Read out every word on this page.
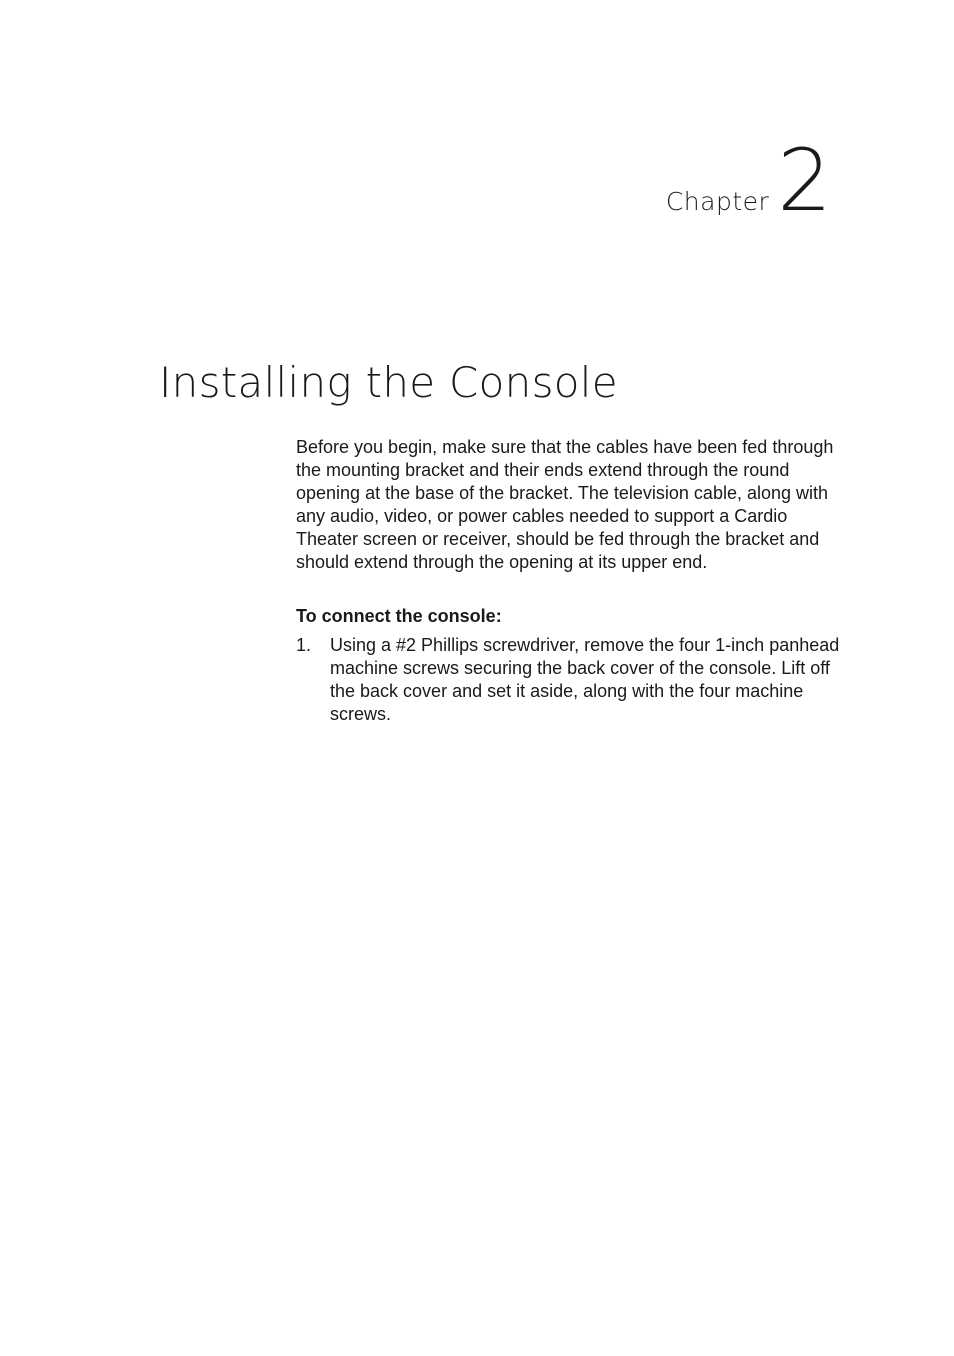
Chapter 2
Installing the Console

Before you begin, make sure that the cables have been fed through the mounting bracket and their ends extend through the round opening at the base of the bracket. The television cable, along with any audio, video, or power cables needed to support a Cardio Theater screen or receiver, should be fed through the bracket and should extend through the opening at its upper end.

To connect the console:
1.	Using a #2 Phillips screwdriver, remove the four 1-inch panhead machine screws securing the back cover of the console. Lift off the back cover and set it aside, along with the four machine screws.
